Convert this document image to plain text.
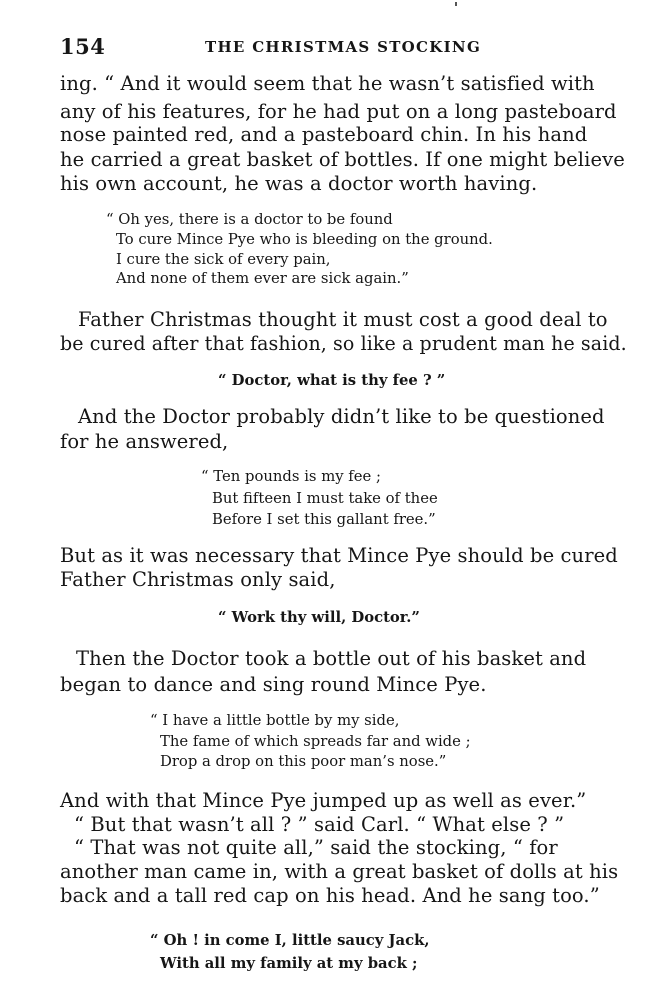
154	THE CHRISTMAS STOCKING
ing. “ And it would seem that he wasn’t satisfied with
any of his features, for he had put on a long pasteboard
nose painted red, and a pasteboard chin. In his hand
he carried a great basket of bottles. If one might believe
his own account, he was a doctor worth having.
“ Oh yes, there is a doctor to be found
To cure Mince Pye who is bleeding on the ground.
I cure the sick of every pain,
And none of them ever are sick again.”
Father Christmas thought it must cost a good deal to
be cured after that fashion, so like a prudent man he said.
“ Doctor, what is thy fee ? ”
And the Doctor probably didn’t like to be questioned
for he answered,
“ Ten pounds is my fee ;
But fifteen I must take of thee
Before I set this gallant free.”
But as it was necessary that Mince Pye should be cured
Father Christmas only said,
“ Work thy will, Doctor.”
Then the Doctor took a bottle out of his basket and
began to dance and sing round Mince Pye.
“ I have a little bottle by my side,
The fame of which spreads far and wide ;
Drop a drop on this poor man’s nose.”
And with that Mince Pye jumped up as well as ever.”
“ But that wasn’t all ? ” said Carl. “ What else ? ”
“ That was not quite all,” said the stocking, “ for
another man came in, with a great basket of dolls at his
back and a tall red cap on his head. And he sang too.”
“ Oh ! in come I, little saucy Jack,
With all my family at my back ;
